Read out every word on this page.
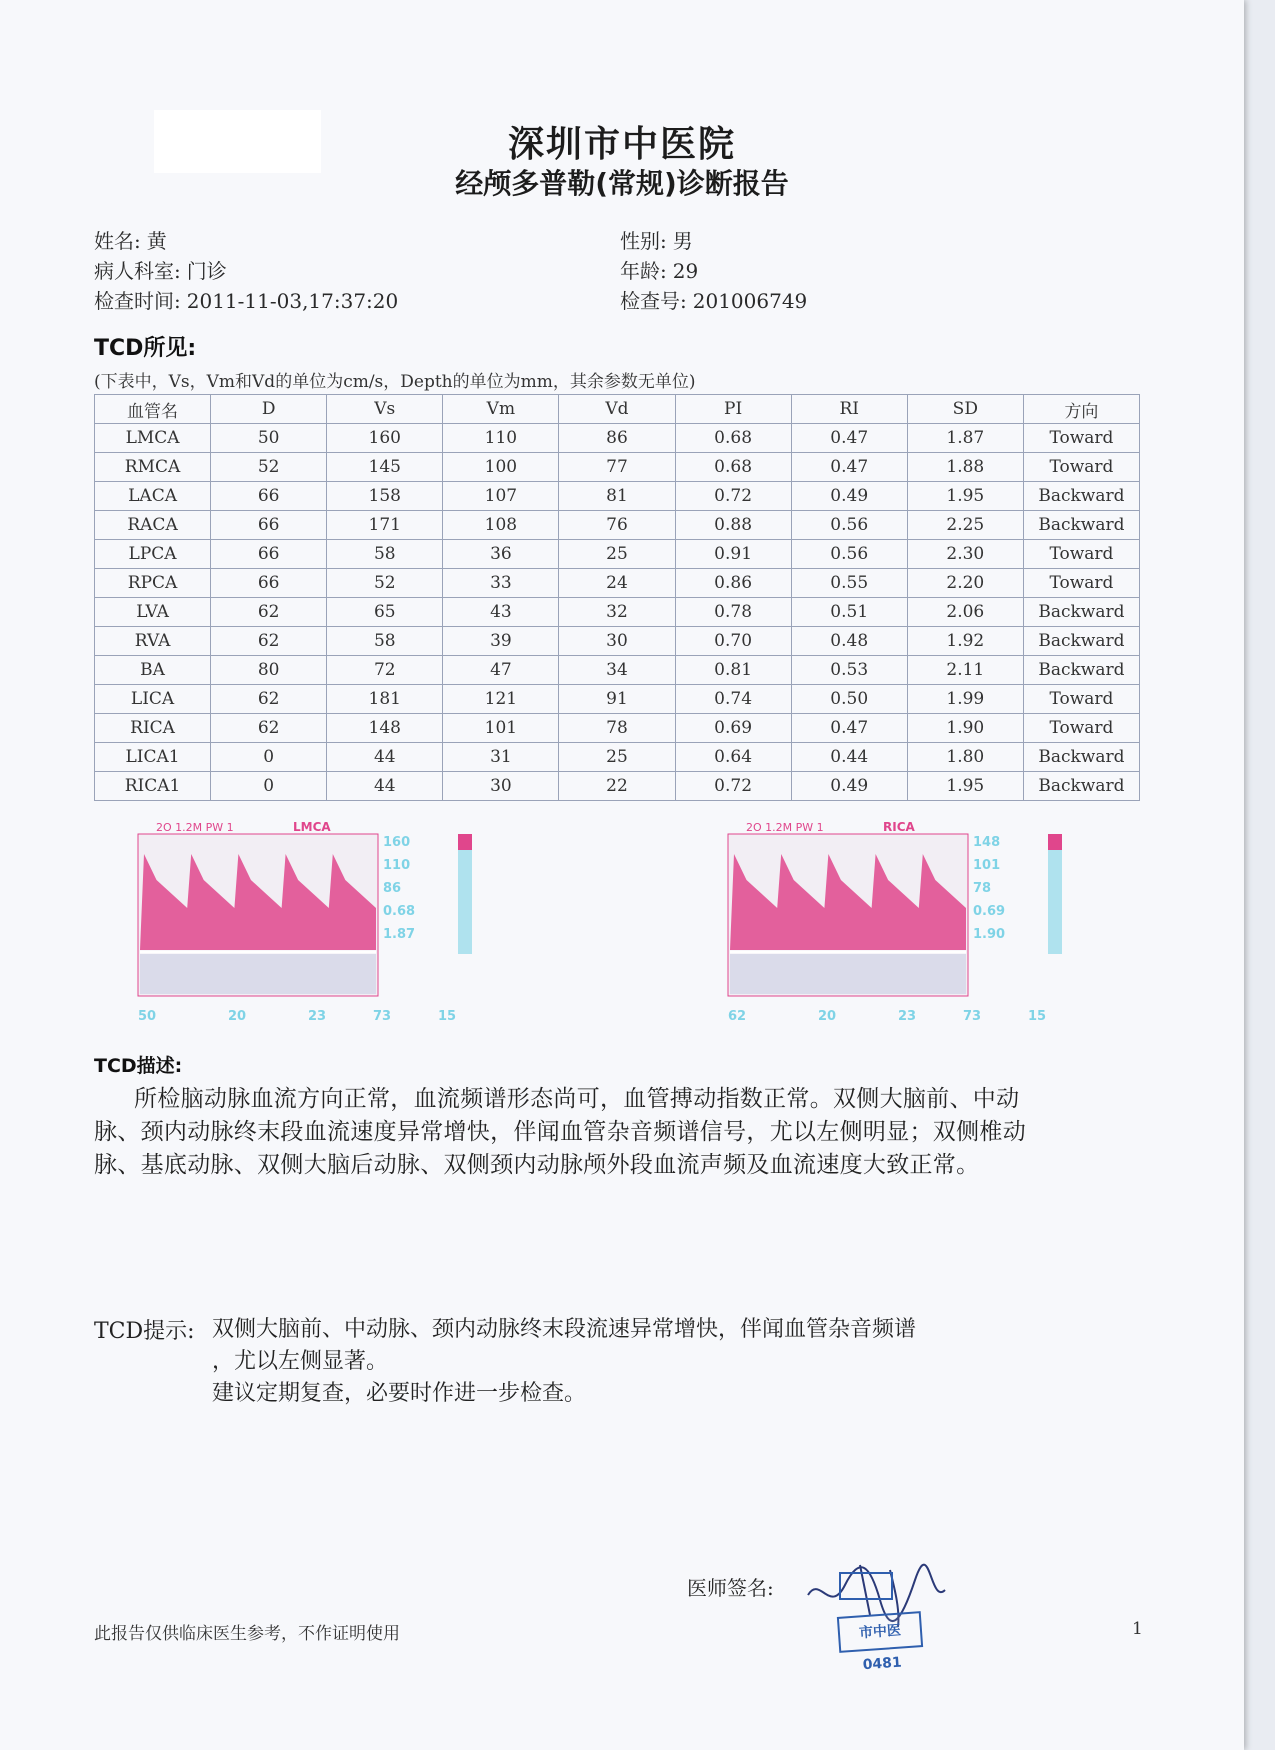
深圳市中医院
经颅多普勒(常规)诊断报告
姓名: 黄
病人科室: 门诊
检查时间: 2011-11-03,17:37:20
性别: 男
年龄: 29
检查号: 201006749
TCD所见:
(下表中，Vs，Vm和Vd的单位为cm/s，Depth的单位为mm，其余参数无单位)
血管名	D	Vs	Vm	Vd	PI	RI	SD	方向
LMCA	50	160	110	86	0.68	0.47	1.87	Toward
RMCA	52	145	100	77	0.68	0.47	1.88	Toward
LACA	66	158	107	81	0.72	0.49	1.95	Backward
RACA	66	171	108	76	0.88	0.56	2.25	Backward
LPCA	66	58	36	25	0.91	0.56	2.30	Toward
RPCA	66	52	33	24	0.86	0.55	2.20	Toward
LVA	62	65	43	32	0.78	0.51	2.06	Backward
RVA	62	58	39	30	0.70	0.48	1.92	Backward
BA	80	72	47	34	0.81	0.53	2.11	Backward
LICA	62	181	121	91	0.74	0.50	1.99	Toward
RICA	62	148	101	78	0.69	0.47	1.90	Toward
LICA1	0	44	31	25	0.64	0.44	1.80	Backward
RICA1	0	44	30	22	0.72	0.49	1.95	Backward
2O 1.2M PW 1	LMCA
160
110
86
0.68
1.87
50	20	23	73	15
2O 1.2M PW 1	RICA
148
101
78
0.69
1.90
62	20	23	73	15
TCD描述:
所检脑动脉血流方向正常，血流频谱形态尚可，血管搏动指数正常。双侧大脑前、中动脉、颈内动脉终末段血流速度异常增快，伴闻血管杂音频谱信号，尤以左侧明显；双侧椎动脉、基底动脉、双侧大脑后动脉、双侧颈内动脉颅外段血流声频及血流速度大致正常。
TCD提示: 双侧大脑前、中动脉、颈内动脉终末段流速异常增快，伴闻血管杂音频谱
，尤以左侧显著。
建议定期复查，必要时作进一步检查。
医师签名:
市中医0481
此报告仅供临床医生参考，不作证明使用	1
